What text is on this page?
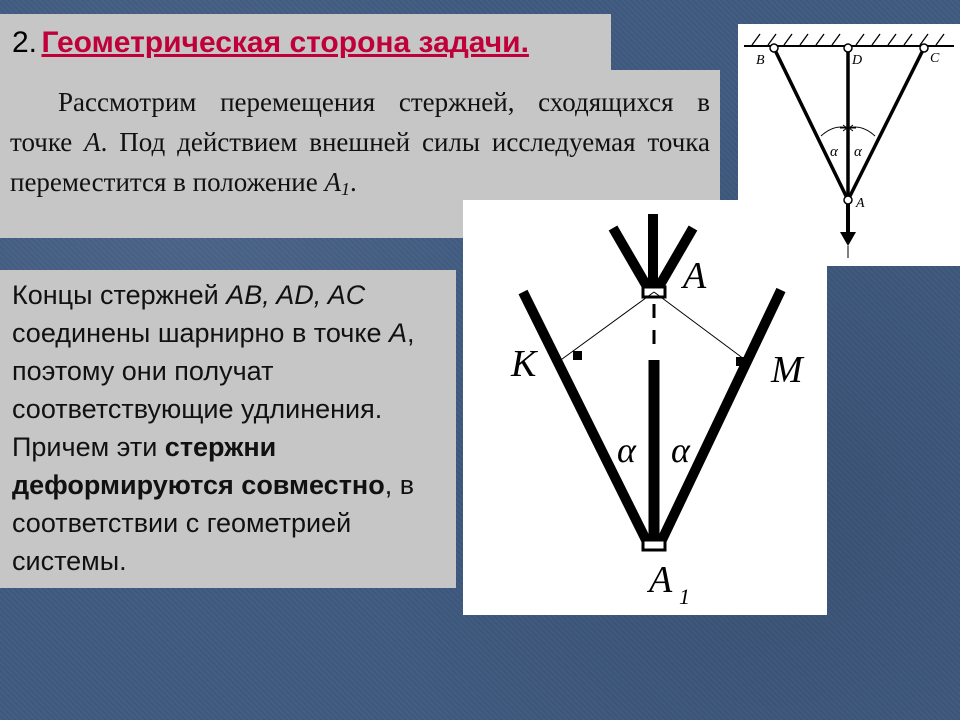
2. Геометрическая сторона задачи.

Рассмотрим перемещения стержней, сходящихся в точке A. Под действием внешней силы исследуемая точка переместится в положение $A_1$.

Концы стержней AB, AD, AC соединены шарнирно в точке A, поэтому они получат соответствующие удлинения. Причем эти стержни деформируются совместно, в соответствии с геометрией системы.
B	D	C
A
α α
A
K	M
α α
A 1
